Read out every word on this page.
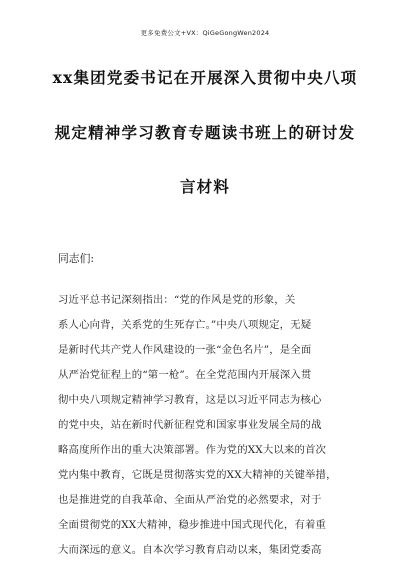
更多免费公文+VX：QiGeGongWen2024
xx集团党委书记在开展深入贯彻中央八项
规定精神学习教育专题读书班上的研讨发
言材料
同志们:
习近平总书记深刻指出：“党的作风是党的形象，关
系人心向背，关系党的生死存亡。”中央八项规定，无疑
是新时代共产党人作风建设的一张“金色名片”，是全面
从严治党征程上的“第一枪”。在全党范围内开展深入贯
彻中央八项规定精神学习教育，这是以习近平同志为核心
的党中央，站在新时代新征程党和国家事业发展全局的战
略高度所作出的重大决策部署。作为党的XX大以来的首次
党内集中教育，它既是贯彻落实党的XX大精神的关键举措，
也是推进党的自我革命、全面从严治党的必然要求，对于
全面贯彻党的XX大精神，稳步推进中国式现代化，有着重
大而深远的意义。自本次学习教育启动以来，集团党委高
